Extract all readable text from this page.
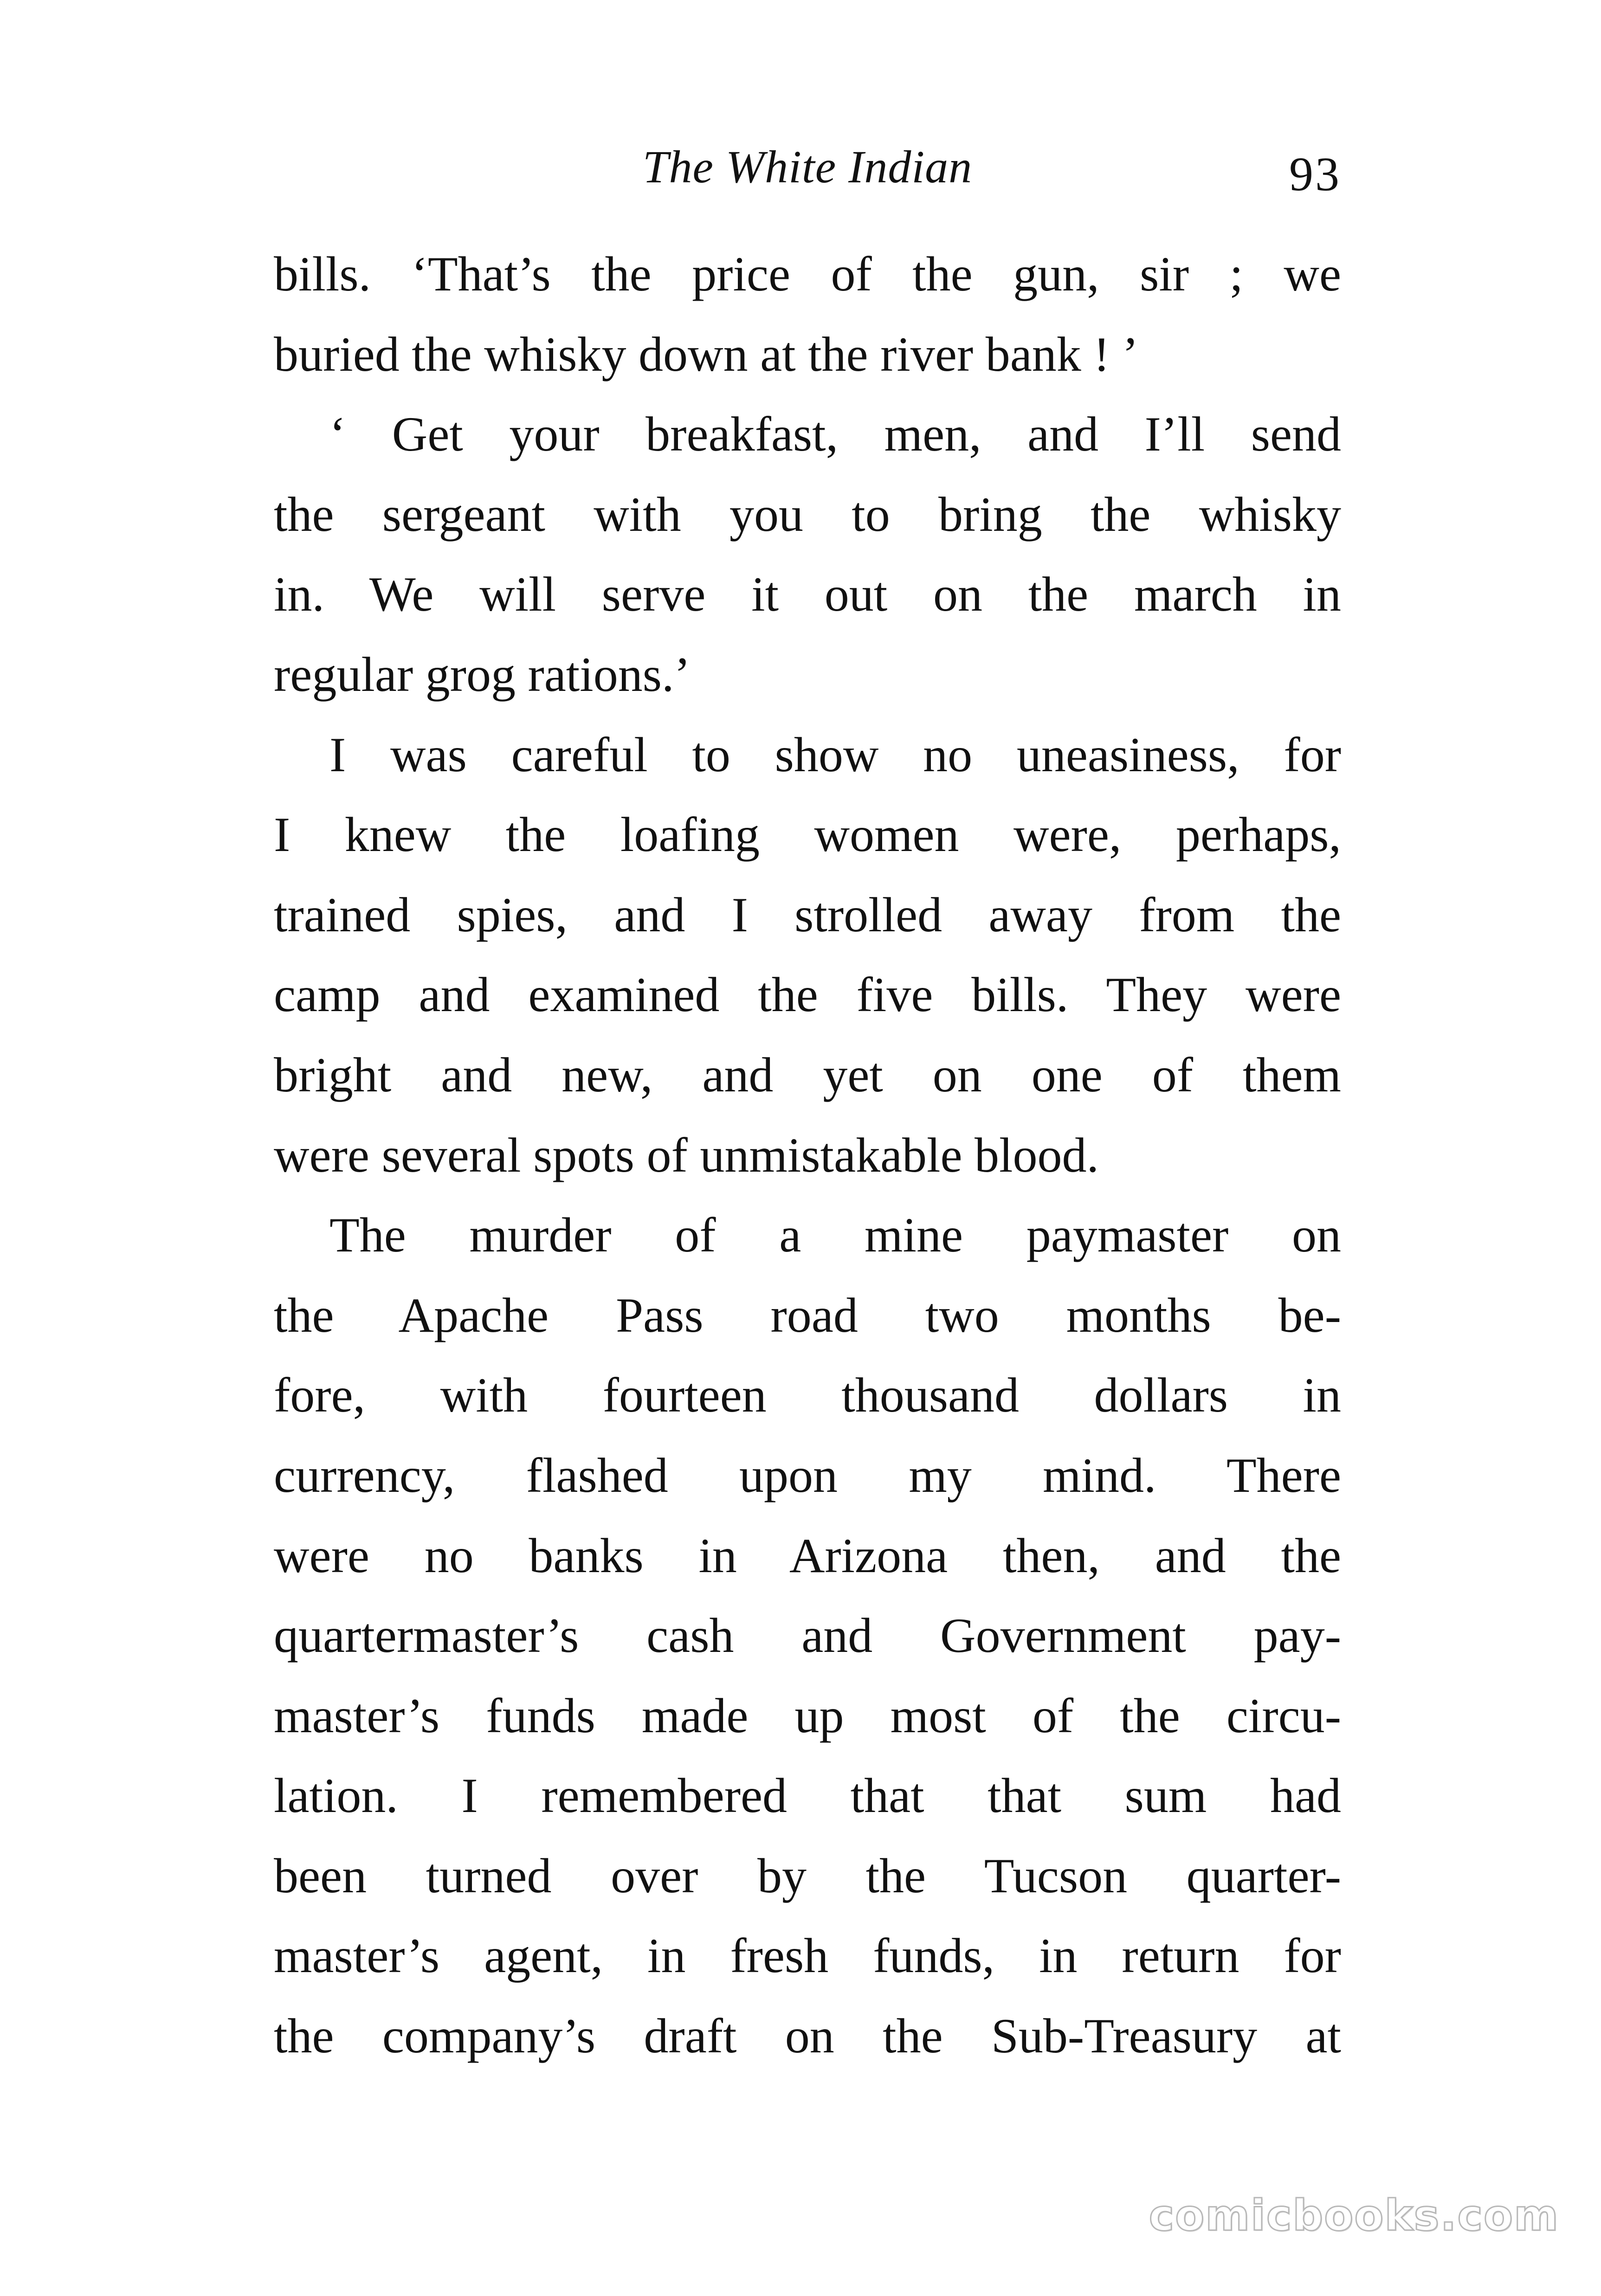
The White Indian	93
bills. ‘That’s the price of the gun, sir ; we
buried the whisky down at the river bank ! ’
‘ Get your breakfast, men, and I’ll send
the sergeant with you to bring the whisky
in. We will serve it out on the march in
regular grog rations.’
I was careful to show no uneasiness, for
I knew the loafing women were, perhaps,
trained spies, and I strolled away from the
camp and examined the five bills. They were
bright and new, and yet on one of them
were several spots of unmistakable blood.
The murder of a mine paymaster on
the Apache Pass road two months be-
fore, with fourteen thousand dollars in
currency, flashed upon my mind. There
were no banks in Arizona then, and the
quartermaster’s cash and Government pay-
master’s funds made up most of the circu-
lation. I remembered that that sum had
been turned over by the Tucson quarter-
master’s agent, in fresh funds, in return for
the company’s draft on the Sub-Treasury at
comicbooks.com
